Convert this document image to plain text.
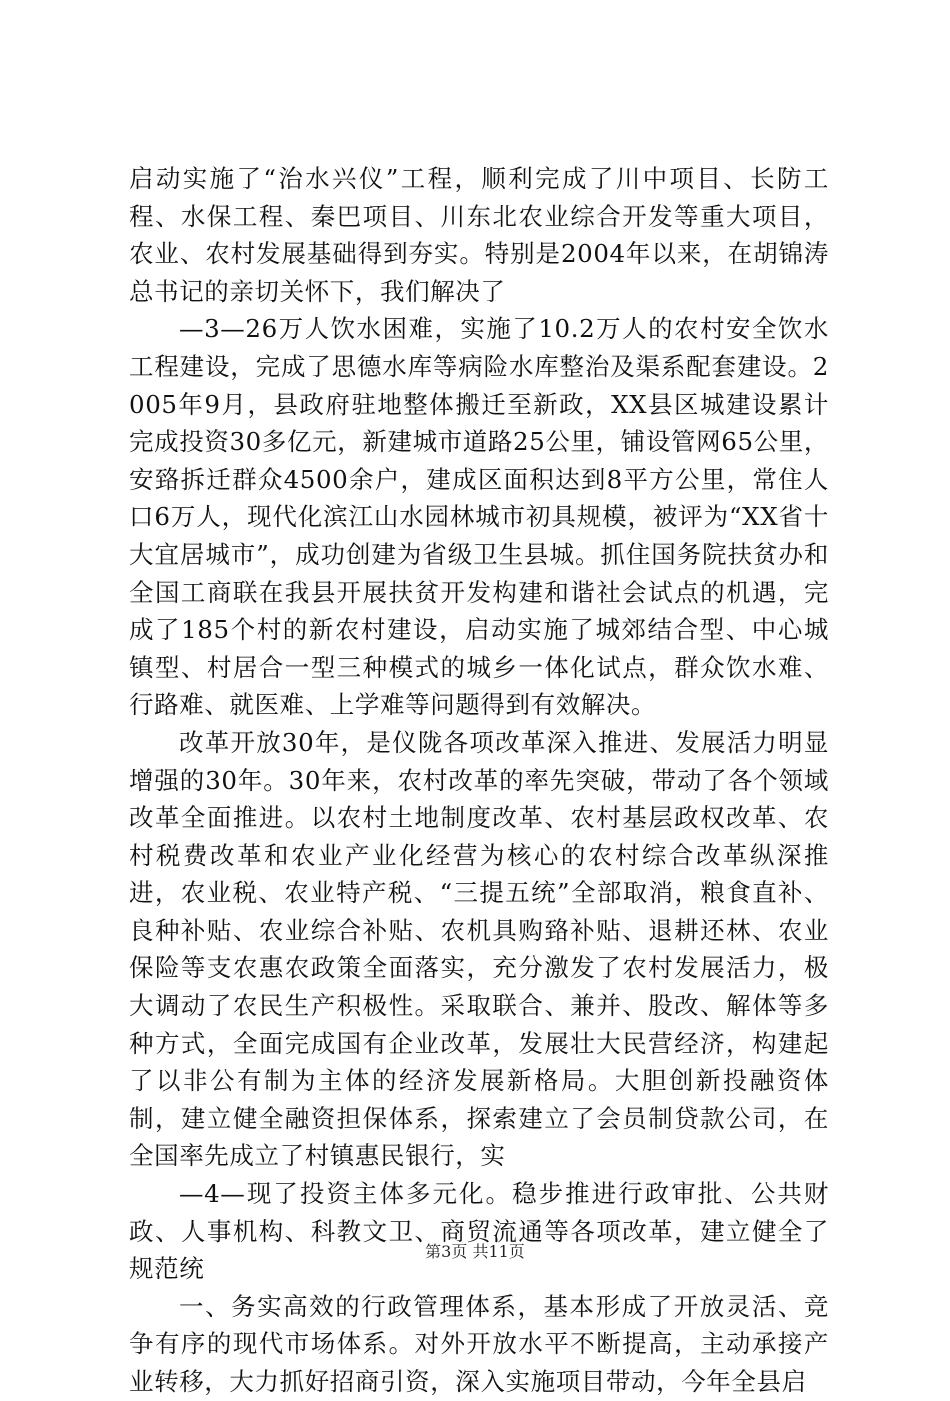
启动实施了“治水兴仪”工程，顺利完成了川中项目、长防工程、水保工程、秦巴项目、川东北农业综合开发等重大项目，农业、农村发展基础得到夯实。特别是2004年以来，在胡锦涛总书记的亲切关怀下，我们解决了

—3—26万人饮水困难，实施了10.2万人的农村安全饮水工程建设，完成了思德水库等病险水库整治及渠系配套建设。2005年9月，县政府驻地整体搬迁至新政，XX县区城建设累计完成投资30多亿元，新建城市道路25公里，铺设管网65公里，安臵拆迁群众4500余户，建成区面积达到8平方公里，常住人口6万人，现代化滨江山水园林城市初具规模，被评为“XX省十大宜居城市”，成功创建为省级卫生县城。抓住国务院扶贫办和全国工商联在我县开展扶贫开发构建和谐社会试点的机遇，完成了185个村的新农村建设，启动实施了城郊结合型、中心城镇型、村居合一型三种模式的城乡一体化试点，群众饮水难、行路难、就医难、上学难等问题得到有效解决。

改革开放30年，是仪陇各项改革深入推进、发展活力明显增强的30年。30年来，农村改革的率先突破，带动了各个领域改革全面推进。以农村土地制度改革、农村基层政权改革、农村税费改革和农业产业化经营为核心的农村综合改革纵深推进，农业税、农业特产税、“三提五统”全部取消，粮食直补、良种补贴、农业综合补贴、农机具购臵补贴、退耕还林、农业保险等支农惠农政策全面落实，充分激发了农村发展活力，极大调动了农民生产积极性。采取联合、兼并、股改、解体等多种方式，全面完成国有企业改革，发展壮大民营经济，构建起了以非公有制为主体的经济发展新格局。大胆创新投融资体制，建立健全融资担保体系，探索建立了会员制贷款公司，在全国率先成立了村镇惠民银行，实

—4—现了投资主体多元化。稳步推进行政审批、公共财政、人事机构、科教文卫、商贸流通等各项改革，建立健全了规范统

一、务实高效的行政管理体系，基本形成了开放灵活、竞争有序的现代市场体系。对外开放水平不断提高，主动承接产业转移，大力抓好招商引资，深入实施项目带动，今年全县启

第3页 共11页
